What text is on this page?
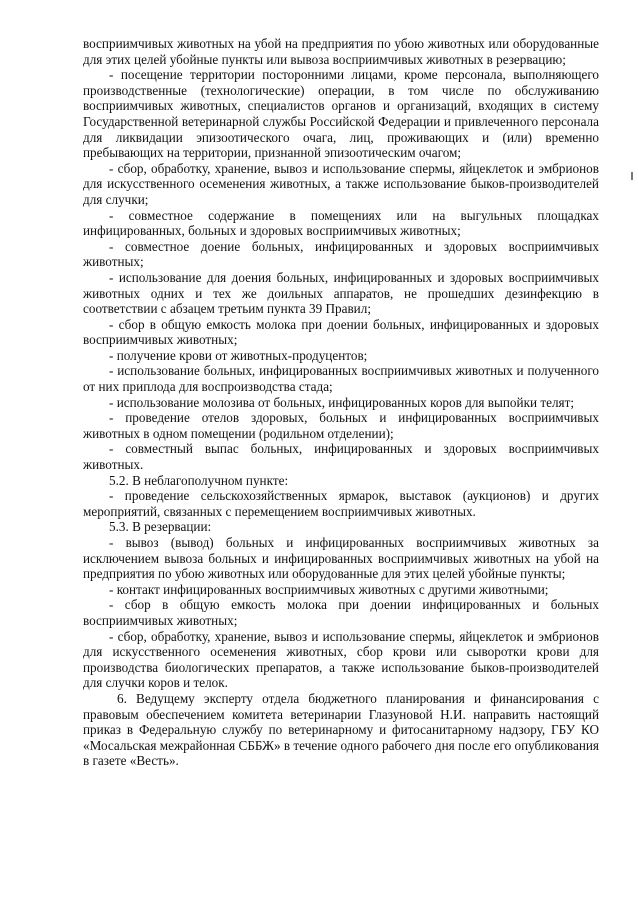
восприимчивых животных на убой на предприятия по убою животных или оборудованные для этих целей убойные пункты или вывоза восприимчивых животных в резервацию;

- посещение территории посторонними лицами, кроме персонала, выполняющего производственные (технологические) операции, в том числе по обслуживанию восприимчивых животных, специалистов органов и организаций, входящих в систему Государственной ветеринарной службы Российской Федерации и привлеченного персонала для ликвидации эпизоотического очага, лиц, проживающих и (или) временно пребывающих на территории, признанной эпизоотическим очагом;

- сбор, обработку, хранение, вывоз и использование спермы, яйцеклеток и эмбрионов для искусственного осеменения животных, а также использование быков-производителей для случки;

- совместное содержание в помещениях или на выгульных площадках инфицированных, больных и здоровых восприимчивых животных;

- совместное доение больных, инфицированных и здоровых восприимчивых животных;

- использование для доения больных, инфицированных и здоровых восприимчивых животных одних и тех же доильных аппаратов, не прошедших дезинфекцию в соответствии с абзацем третьим пункта 39 Правил;

- сбор в общую емкость молока при доении больных, инфицированных и здоровых восприимчивых животных;

- получение крови от животных-продуцентов;

- использование больных, инфицированных восприимчивых животных и полученного от них приплода для воспроизводства стада;

- использование молозива от больных, инфицированных коров для выпойки телят;

- проведение отелов здоровых, больных и инфицированных восприимчивых животных в одном помещении (родильном отделении);

- совместный выпас больных, инфицированных и здоровых восприимчивых животных.

5.2. В неблагополучном пункте:

- проведение сельскохозяйственных ярмарок, выставок (аукционов) и других мероприятий, связанных с перемещением восприимчивых животных.

5.3. В резервации:

- вывоз (вывод) больных и инфицированных восприимчивых животных за исключением вывоза больных и инфицированных восприимчивых животных на убой на предприятия по убою животных или оборудованные для этих целей убойные пункты;

- контакт инфицированных восприимчивых животных с другими животными;

- сбор в общую емкость молока при доении инфицированных и больных восприимчивых животных;

- сбор, обработку, хранение, вывоз и использование спермы, яйцеклеток и эмбрионов для искусственного осеменения животных, сбор крови или сыворотки крови для производства биологических препаратов, а также использование быков-производителей для случки коров и телок.

6. Ведущему эксперту отдела бюджетного планирования и финансирования с правовым обеспечением комитета ветеринарии Глазуновой Н.И. направить настоящий приказ в Федеральную службу по ветеринарному и фитосанитарному надзору, ГБУ КО «Мосальская межрайонная СББЖ» в течение одного рабочего дня после его опубликования в газете «Весть».
